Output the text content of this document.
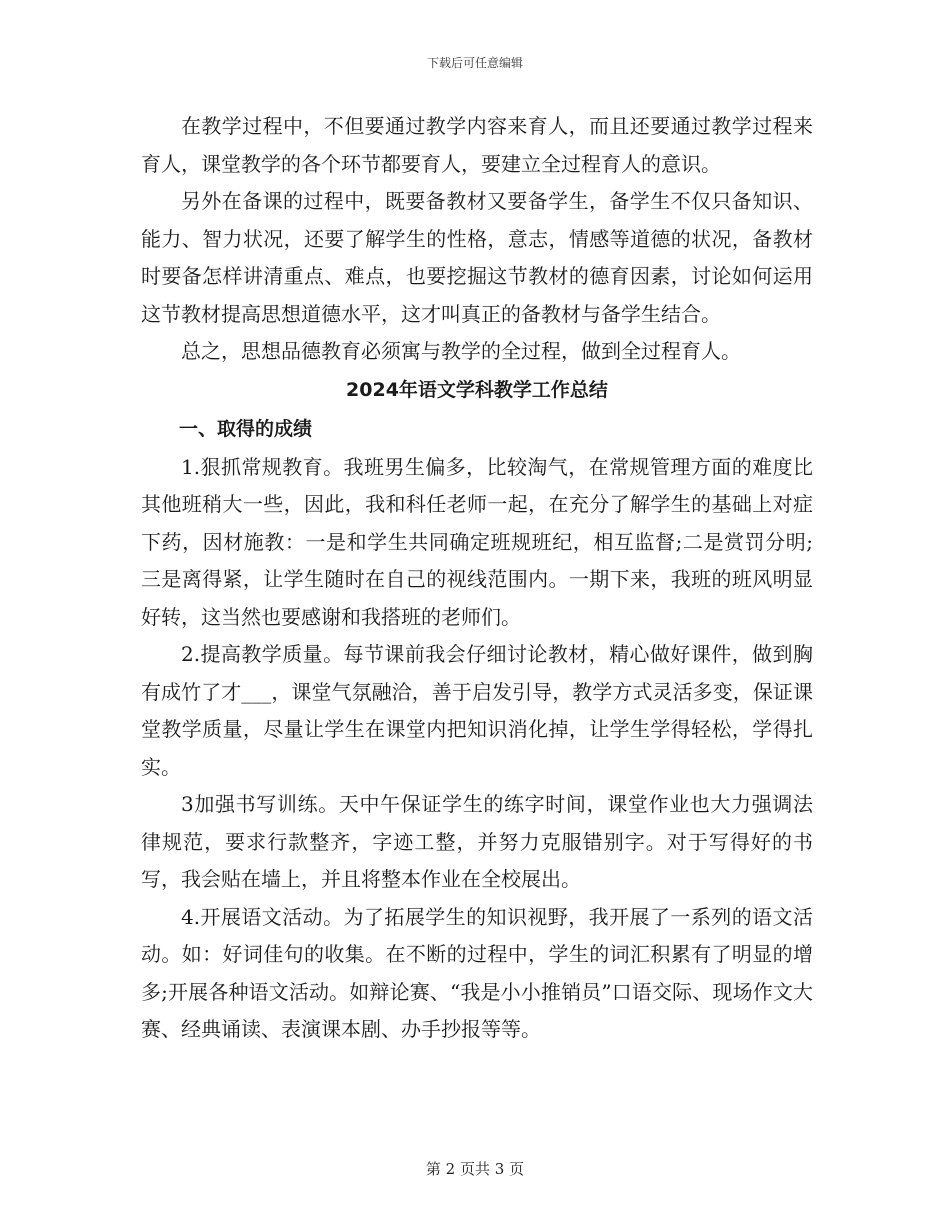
下载后可任意编辑

在教学过程中，不但要通过教学内容来育人，而且还要通过教学过程来育人，课堂教学的各个环节都要育人，要建立全过程育人的意识。

另外在备课的过程中，既要备教材又要备学生，备学生不仅只备知识、能力、智力状况，还要了解学生的性格，意志，情感等道德的状况，备教材时要备怎样讲清重点、难点，也要挖掘这节教材的德育因素，讨论如何运用这节教材提高思想道德水平，这才叫真正的备教材与备学生结合。

总之，思想品德教育必须寓与教学的全过程，做到全过程育人。

2024年语文学科教学工作总结
一、取得的成绩

1.狠抓常规教育。我班男生偏多，比较淘气，在常规管理方面的难度比其他班稍大一些，因此，我和科任老师一起，在充分了解学生的基础上对症下药，因材施教：一是和学生共同确定班规班纪，相互监督;二是赏罚分明;三是离得紧，让学生随时在自己的视线范围内。一期下来，我班的班风明显好转，这当然也要感谢和我搭班的老师们。

2.提高教学质量。每节课前我会仔细讨论教材，精心做好课件，做到胸有成竹了才___，课堂气氛融洽，善于启发引导，教学方式灵活多变，保证课堂教学质量，尽量让学生在课堂内把知识消化掉，让学生学得轻松，学得扎实。

3加强书写训练。天中午保证学生的练字时间，课堂作业也大力强调法律规范，要求行款整齐，字迹工整，并努力克服错别字。对于写得好的书写，我会贴在墙上，并且将整本作业在全校展出。

4.开展语文活动。为了拓展学生的知识视野，我开展了一系列的语文活动。如：好词佳句的收集。在不断的过程中，学生的词汇积累有了明显的增多;开展各种语文活动。如辩论赛、“我是小小推销员”口语交际、现场作文大赛、经典诵读、表演课本剧、办手抄报等等。

第 2 页共 3 页
